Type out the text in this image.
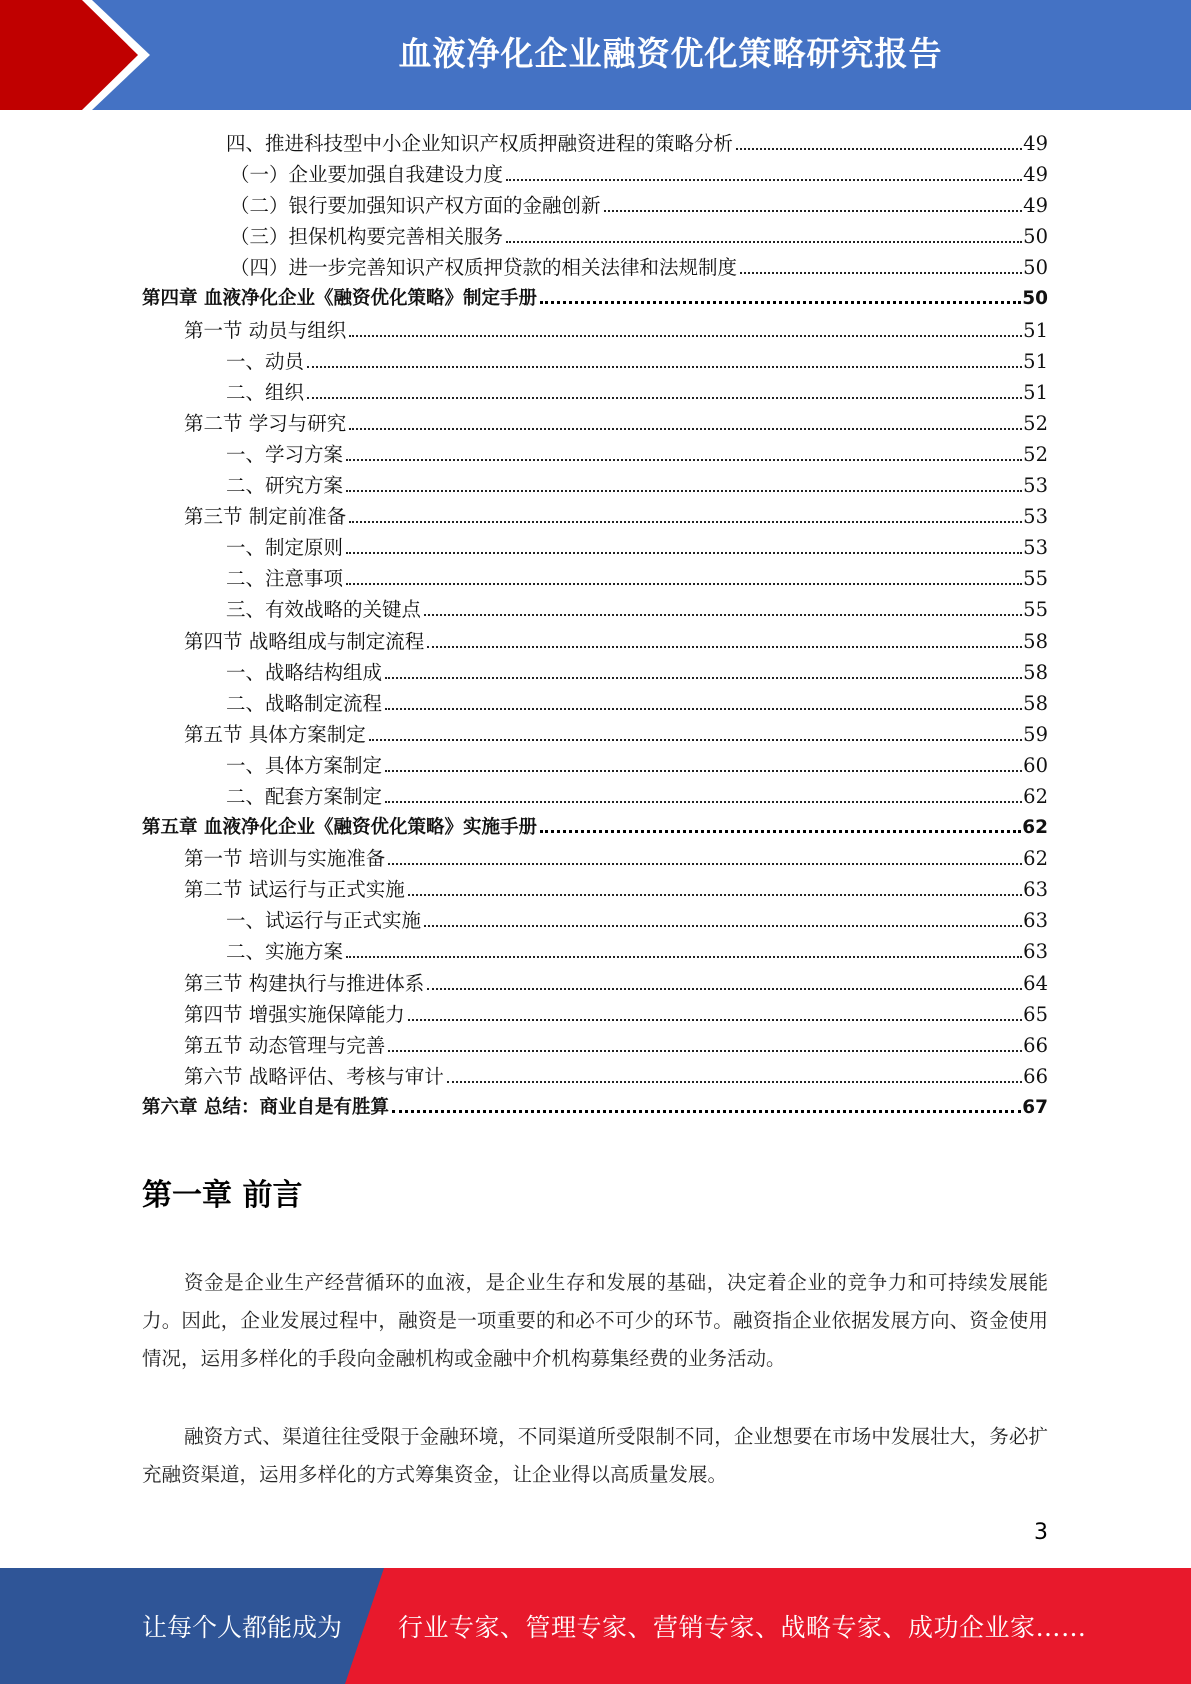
血液净化企业融资优化策略研究报告
四、推进科技型中小企业知识产权质押融资进程的策略分析	49
（一）企业要加强自我建设力度	49
（二）银行要加强知识产权方面的金融创新	49
（三）担保机构要完善相关服务	50
（四）进一步完善知识产权质押贷款的相关法律和法规制度	50
第四章 血液净化企业《融资优化策略》制定手册	50
第一节 动员与组织	51
一、动员	51
二、组织	51
第二节 学习与研究	52
一、学习方案	52
二、研究方案	53
第三节 制定前准备	53
一、制定原则	53
二、注意事项	55
三、有效战略的关键点	55
第四节 战略组成与制定流程	58
一、战略结构组成	58
二、战略制定流程	58
第五节 具体方案制定	59
一、具体方案制定	60
二、配套方案制定	62
第五章 血液净化企业《融资优化策略》实施手册	62
第一节 培训与实施准备	62
第二节 试运行与正式实施	63
一、试运行与正式实施	63
二、实施方案	63
第三节 构建执行与推进体系	64
第四节 增强实施保障能力	65
第五节 动态管理与完善	66
第六节 战略评估、考核与审计	66
第六章 总结：商业自是有胜算	67
第一章 前言
资金是企业生产经营循环的血液，是企业生存和发展的基础，决定着企业的竞争力和可持续发展能力。因此，企业发展过程中，融资是一项重要的和必不可少的环节。融资指企业依据发展方向、资金使用情况，运用多样化的手段向金融机构或金融中介机构募集经费的业务活动。
融资方式、渠道往往受限于金融环境，不同渠道所受限制不同，企业想要在市场中发展壮大，务必扩充融资渠道，运用多样化的方式筹集资金，让企业得以高质量发展。
3
让每个人都能成为 行业专家、管理专家、营销专家、战略专家、成功企业家……
